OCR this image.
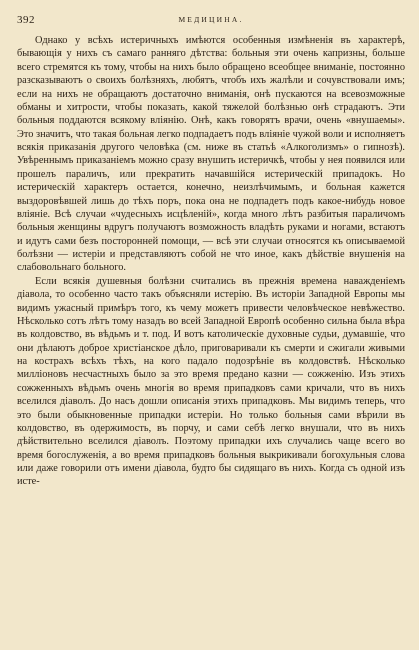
392	МЕДИЦИНА.

Однако у всѣхъ истеричныхъ имѣются особенныя измѣненія въ характерѣ, бывающія у нихъ съ самаго ранняго дѣтства: больныя эти очень капризны, больше всего стремятся къ тому, чтобы на нихъ было обращено всеобщее вниманіе, постоянно разсказываютъ о своихъ болѣзняхъ, любятъ, чтобъ ихъ жалѣли и сочувствовали имъ; если на нихъ не обращаютъ достаточно вниманія, онѣ пускаются на всевозможные обманы и хитрости, чтобы показать, какой тяжелой болѣзнью онѣ страдаютъ. Эти больныя поддаются всякому вліянію. Онѣ, какъ говорятъ врачи, очень «внушаемы». Это значитъ, что такая больная легко подпадаетъ подъ вліяніе чужой воли и исполняетъ всякія приказанія другого человѣка (см. ниже въ статьѣ «Алкоголизмъ» о гипнозѣ). Увѣреннымъ приказаніемъ можно сразу внушить истеричкѣ, чтобы у нея появился или прошелъ параличъ, или прекратить начавшійся истерическій припадокъ. Но истерическій характеръ остается, конечно, неизлѣчимымъ, и больная кажется выздоровѣвшей лишь до тѣхъ поръ, пока она не подпадетъ подъ какое-нибудь новое вліяніе. Всѣ случаи «чудесныхъ исцѣленій», когда много лѣтъ разбитыя параличомъ больныя женщины вдругъ получаютъ возможность владѣть руками и ногами, встаютъ и идутъ сами безъ посторонней помощи, — всѣ эти случаи относятся къ описываемой болѣзни — истеріи и представляютъ собой не что иное, какъ дѣйствіе внушенія на слабовольнаго больного.

Если всякія душевныя болѣзни считались въ прежнія времена наважденіемъ діавола, то особенно часто такъ объясняли истерію. Въ исторіи Западной Европы мы видимъ ужасный примѣръ того, къ чему можетъ привести человѣческое невѣжество. Нѣсколько сотъ лѣтъ тому назадъ во всей Западной Европѣ особенно сильна была вѣра въ колдовство, въ вѣдьмъ и т. под. И вотъ католическіе духовные судьи, думавшіе, что они дѣлаютъ доброе христіанское дѣло, приговаривали къ смерти и сжигали живыми на кострахъ всѣхъ тѣхъ, на кого падало подозрѣніе въ колдовствѣ. Нѣсколько милліоновъ несчастныхъ было за это время предано казни — сожженію. Изъ этихъ сожженныхъ вѣдьмъ очень многія во время припадковъ сами кричали, что въ нихъ вселился діаволъ. До насъ дошли описанія этихъ припадковъ. Мы видимъ теперь, что это были обыкновенные припадки истеріи. Но только больныя сами вѣрили въ колдовство, въ одержимость, въ порчу, и сами себѣ легко внушали, что въ нихъ дѣйствительно вселился діаволъ. Поэтому припадки ихъ случались чаще всего во время богослуженія, а во время припадковъ больныя выкрикивали богохульныя слова или даже говорили отъ имени діавола, будто бы сидящаго въ нихъ. Когда съ одной изъ исте-
